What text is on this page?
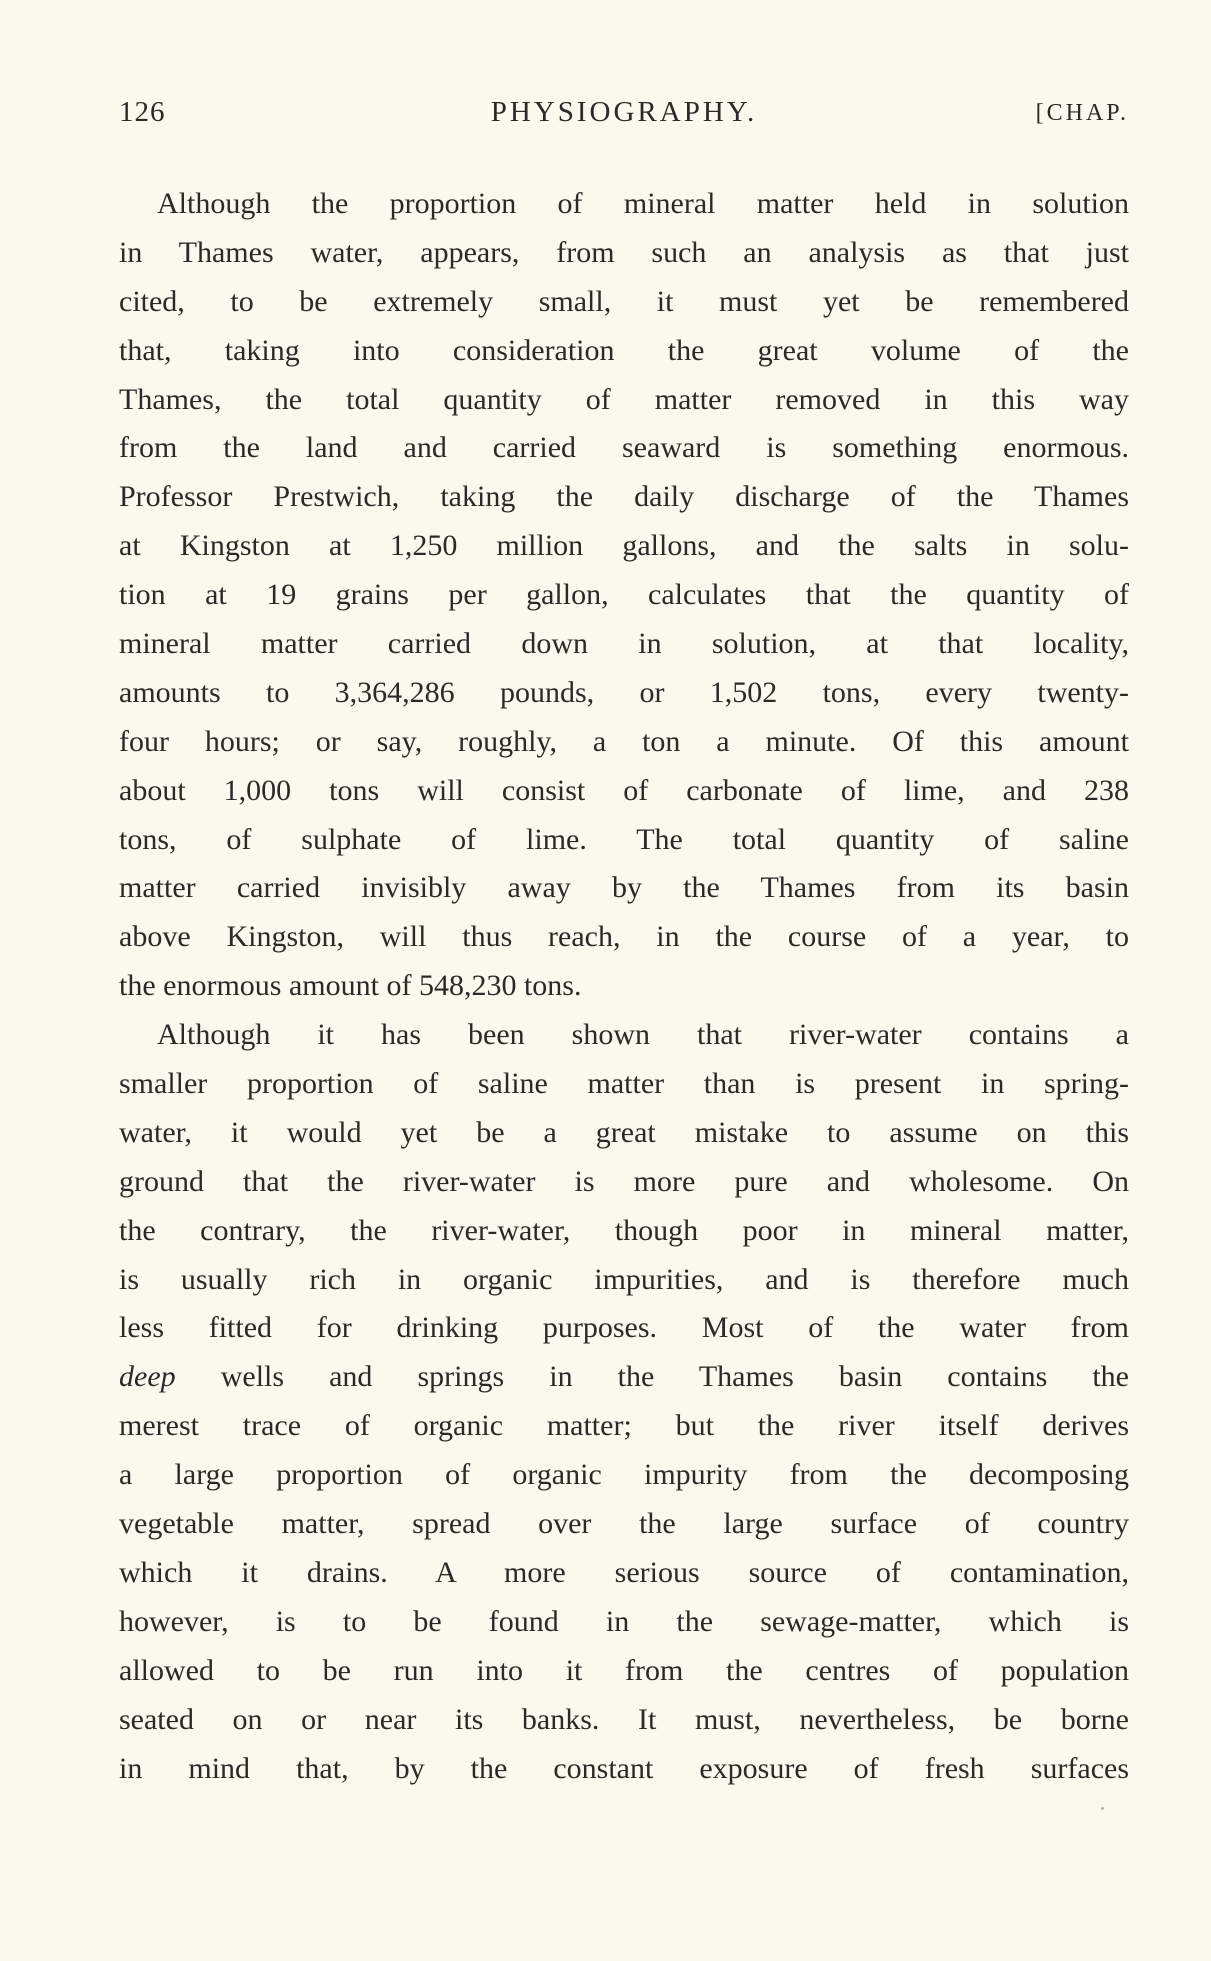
126	PHYSIOGRAPHY.	[CHAP.
Although the proportion of mineral matter held in solution
in Thames water, appears, from such an analysis as that just
cited, to be extremely small, it must yet be remembered
that, taking into consideration the great volume of the
Thames, the total quantity of matter removed in this way
from the land and carried seaward is something enormous.
Professor Prestwich, taking the daily discharge of the Thames
at Kingston at 1,250 million gallons, and the salts in solu-
tion at 19 grains per gallon, calculates that the quantity of
mineral matter carried down in solution, at that locality,
amounts to 3,364,286 pounds, or 1,502 tons, every twenty-
four hours; or say, roughly, a ton a minute. Of this amount
about 1,000 tons will consist of carbonate of lime, and 238
tons, of sulphate of lime. The total quantity of saline
matter carried invisibly away by the Thames from its basin
above Kingston, will thus reach, in the course of a year, to
the enormous amount of 548,230 tons.
Although it has been shown that river-water contains a
smaller proportion of saline matter than is present in spring-
water, it would yet be a great mistake to assume on this
ground that the river-water is more pure and wholesome. On
the contrary, the river-water, though poor in mineral matter,
is usually rich in organic impurities, and is therefore much
less fitted for drinking purposes. Most of the water from
deep wells and springs in the Thames basin contains the
merest trace of organic matter; but the river itself derives
a large proportion of organic impurity from the decomposing
vegetable matter, spread over the large surface of country
which it drains. A more serious source of contamination,
however, is to be found in the sewage-matter, which is
allowed to be run into it from the centres of population
seated on or near its banks. It must, nevertheless, be borne
in mind that, by the constant exposure of fresh surfaces
